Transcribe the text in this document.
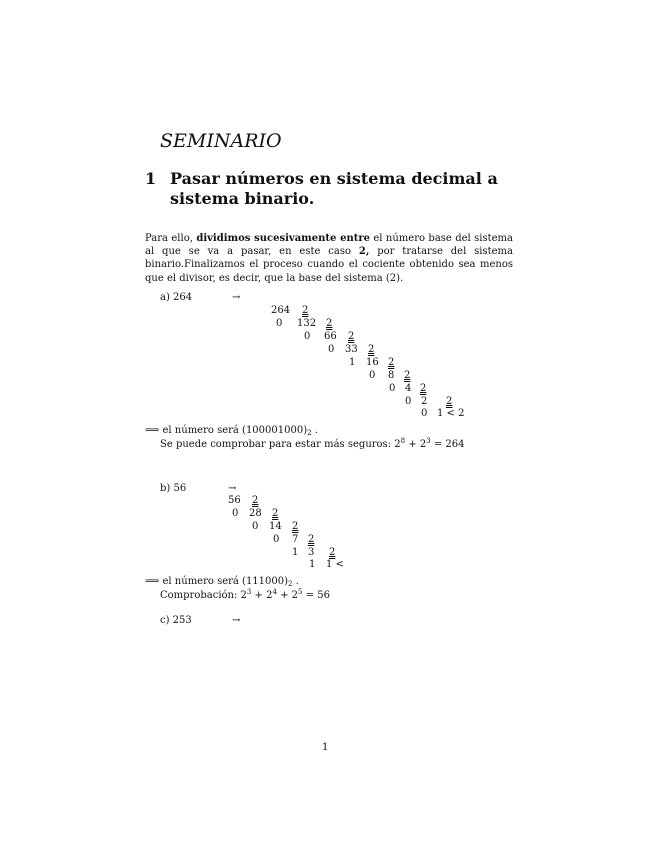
SEMINARIO
1 Pasar números en sistema decimal a sistema binario.
Para ello, dividimos sucesivamente entre el número base del sistema al que se va a pasar, en este caso 2, por tratarse del sistema binario.Finalizamos el proceso cuando el cociente obtenido sea menos que el divisor, es decir, que la base del sistema (2).
a) 264	→
264 2
0 132 2
0 66 2
0 33 2
1 16 2
0 8 2
0 4 2
0 2 2
0 1 < 2
⟹ el número será $(100001000)_2$ .
Se puede comprobar para estar más seguros: $2^8 + 2^3 = 264$
b) 56	→
56 2
0 28 2
0 14 2
0 7 2
1 3 2
1 1 <
⟹ el número será $(111000)_2$ .
Comprobación: $2^3 + 2^4 + 2^5 = 56$
c) 253	→
1
